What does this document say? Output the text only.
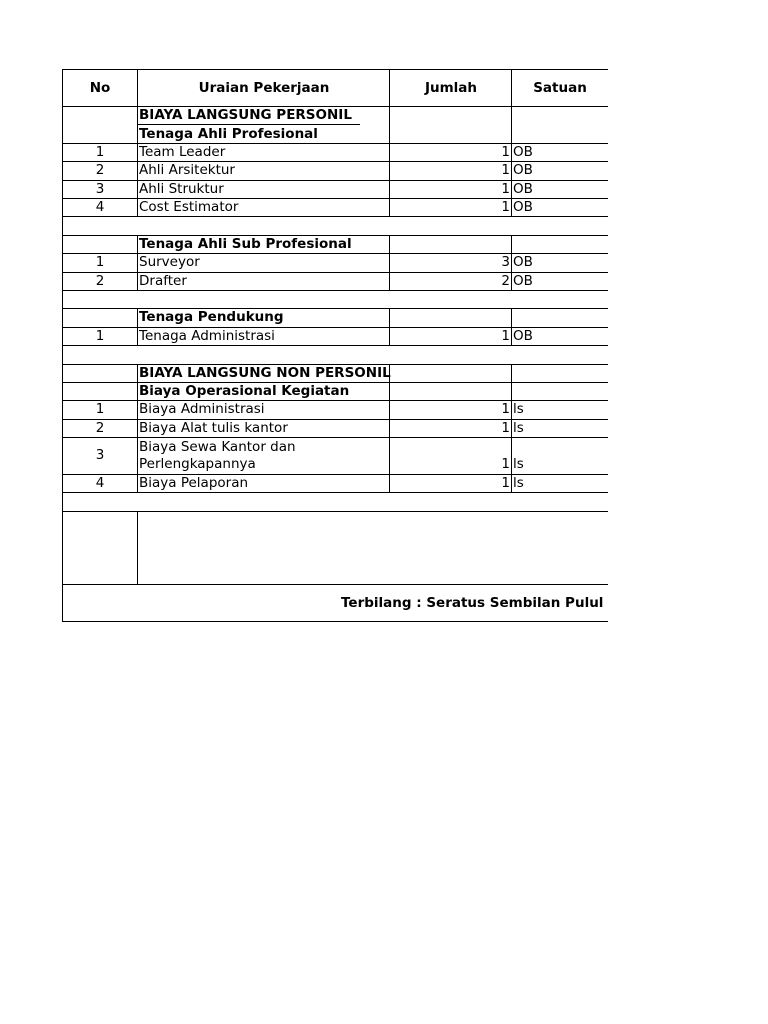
No	Uraian Pekerjaan	Jumlah	Satuan
BIAYA LANGSUNG PERSONIL
Tenaga Ahli Profesional
1	Team Leader	1 OB
2	Ahli Arsitektur	1 OB
3	Ahli Struktur	1 OB
4	Cost Estimator	1 OB
Tenaga Ahli Sub Profesional
1	Surveyor	3 OB
2	Drafter	2 OB
Tenaga Pendukung
1	Tenaga Administrasi	1 OB
BIAYA LANGSUNG NON PERSONIL
Biaya Operasional Kegiatan
1	Biaya Administrasi	1 ls
2	Biaya Alat tulis kantor	1 ls
3	Biaya Sewa Kantor dan Perlengkapannya	1 ls
4	Biaya Pelaporan	1 ls
Terbilang : Seratus Sembilan Pulul
